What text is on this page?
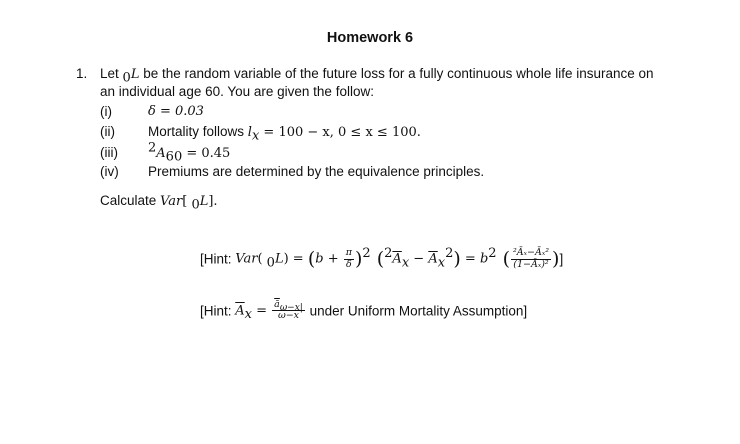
Homework 6
1. Let $_0$L be the random variable of the future loss for a fully continuous whole life insurance on
an individual age 60. You are given the follow:
(i)	δ = 0.03
(ii) Mortality follows $l_x = 100 - x$, 0 ≤ x ≤ 100.
(iii) $^2A_{60} = 0.45$
(iv) Premiums are determined by the equivalence principles.
Calculate Var[ $_0$L].
[Hint: Var( $_0L) = (b + \frac{\pi}{\delta} )^2$ $(^2\overline{A}_x - \overline{A}_x^2) = b^2$ ( $\frac{\text{²Āₓ−Āₓ²}}{\text{(1−Āₓ)²}}$ )]
[Hint: $\overline{A}_x = \frac{\overline{ā}_{\omega-x|}}{\omega-x}$ under Uniform Mortality Assumption]
